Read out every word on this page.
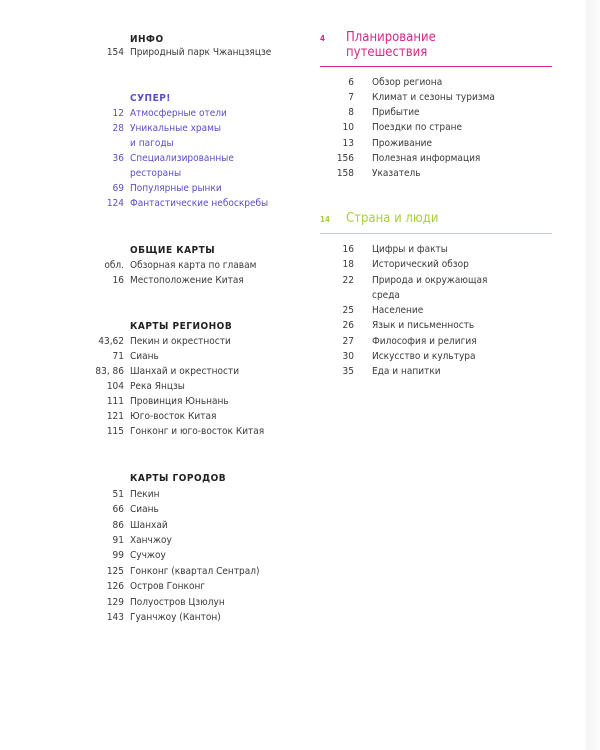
ИНФО
154 Природный парк Чжанцзяцзе
СУПЕР!
12 Атмосферные отели
28 Уникальные храмы
и пагоды
36 Специализированные
рестораны
69 Популярные рынки
124 Фантастические небоскребы
ОБЩИЕ КАРТЫ
обл. Обзорная карта по главам
16 Местоположение Китая
КАРТЫ РЕГИОНОВ
43,62 Пекин и окрестности
71 Сиань
83, 86 Шанхай и окрестности
104 Река Янцзы
111 Провинция Юньнань
121 Юго-восток Китая
115 Гонконг и юго-восток Китая
КАРТЫ ГОРОДОВ
51 Пекин
66 Сиань
86 Шанхай
91 Ханчжоу
99 Сучжоу
125 Гонконг (квартал Сентрал)
126 Остров Гонконг
129 Полуостров Цзюлун
143 Гуанчжоу (Кантон)
4	Планирование
путешествия
6 Обзор региона
7 Климат и сезоны туризма
8 Прибытие
10 Поездки по стране
13 Проживание
156 Полезная информация
158 Указатель
14	Страна и люди
16 Цифры и факты
18 Исторический обзор
22 Природа и окружающая
среда
25 Население
26 Язык и письменность
27 Философия и религия
30 Искусство и культура
35 Еда и напитки
